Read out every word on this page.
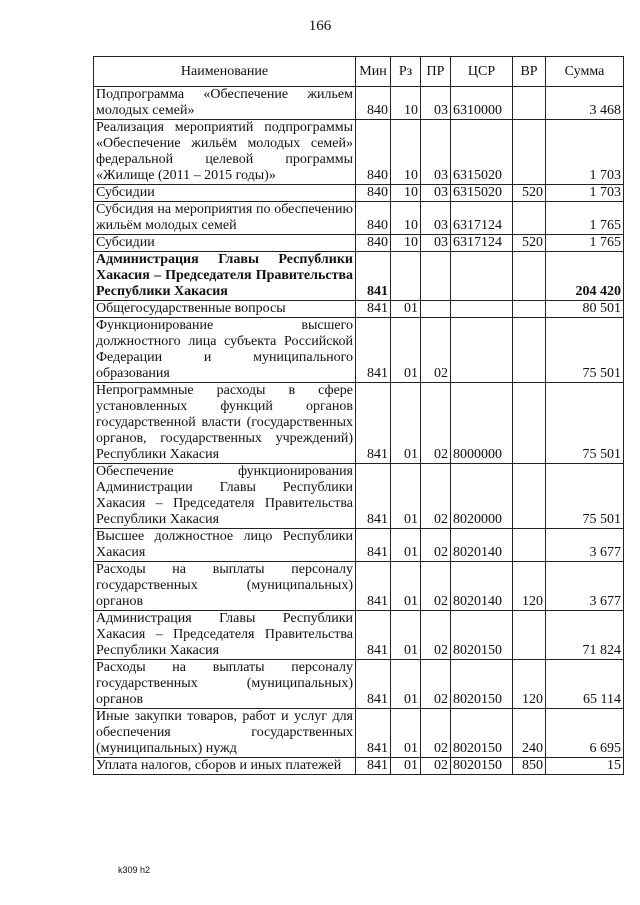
166
Наименование	Мин	Рз	ПР	ЦСР	ВР	Сумма
Подпрограмма «Обеспечение жильем молодых семей»	840	10	03	6310000		3 468
Реализация мероприятий подпрограммы «Обеспечение жильём молодых семей» федеральной целевой программы «Жилище (2011 – 2015 годы)»	840	10	03	6315020		1 703
Субсидии	840	10	03	6315020	520	1 703
Субсидия на мероприятия по обеспечению жильём молодых семей	840	10	03	6317124		1 765
Субсидии	840	10	03	6317124	520	1 765
Администрация Главы Республики Хакасия – Председателя Правительства Республики Хакасия	841					204 420
Общегосударственные вопросы	841	01				80 501
Функционирование высшего должностного лица субъекта Российской Федерации и муниципального образования	841	01	02			75 501
Непрограммные расходы в сфере установленных функций органов государственной власти (государственных органов, государственных учреждений) Республики Хакасия	841	01	02	8000000		75 501
Обеспечение функционирования Администрации Главы Республики Хакасия – Председателя Правительства Республики Хакасия	841	01	02	8020000		75 501
Высшее должностное лицо Республики Хакасия	841	01	02	8020140		3 677
Расходы на выплаты персоналу государственных (муниципальных) органов	841	01	02	8020140	120	3 677
Администрация Главы Республики Хакасия – Председателя Правительства Республики Хакасия	841	01	02	8020150		71 824
Расходы на выплаты персоналу государственных (муниципальных) органов	841	01	02	8020150	120	65 114
Иные закупки товаров, работ и услуг для обеспечения государственных (муниципальных) нужд	841	01	02	8020150	240	6 695
Уплата налогов, сборов и иных платежей	841	01	02	8020150	850	15
k309 h2
